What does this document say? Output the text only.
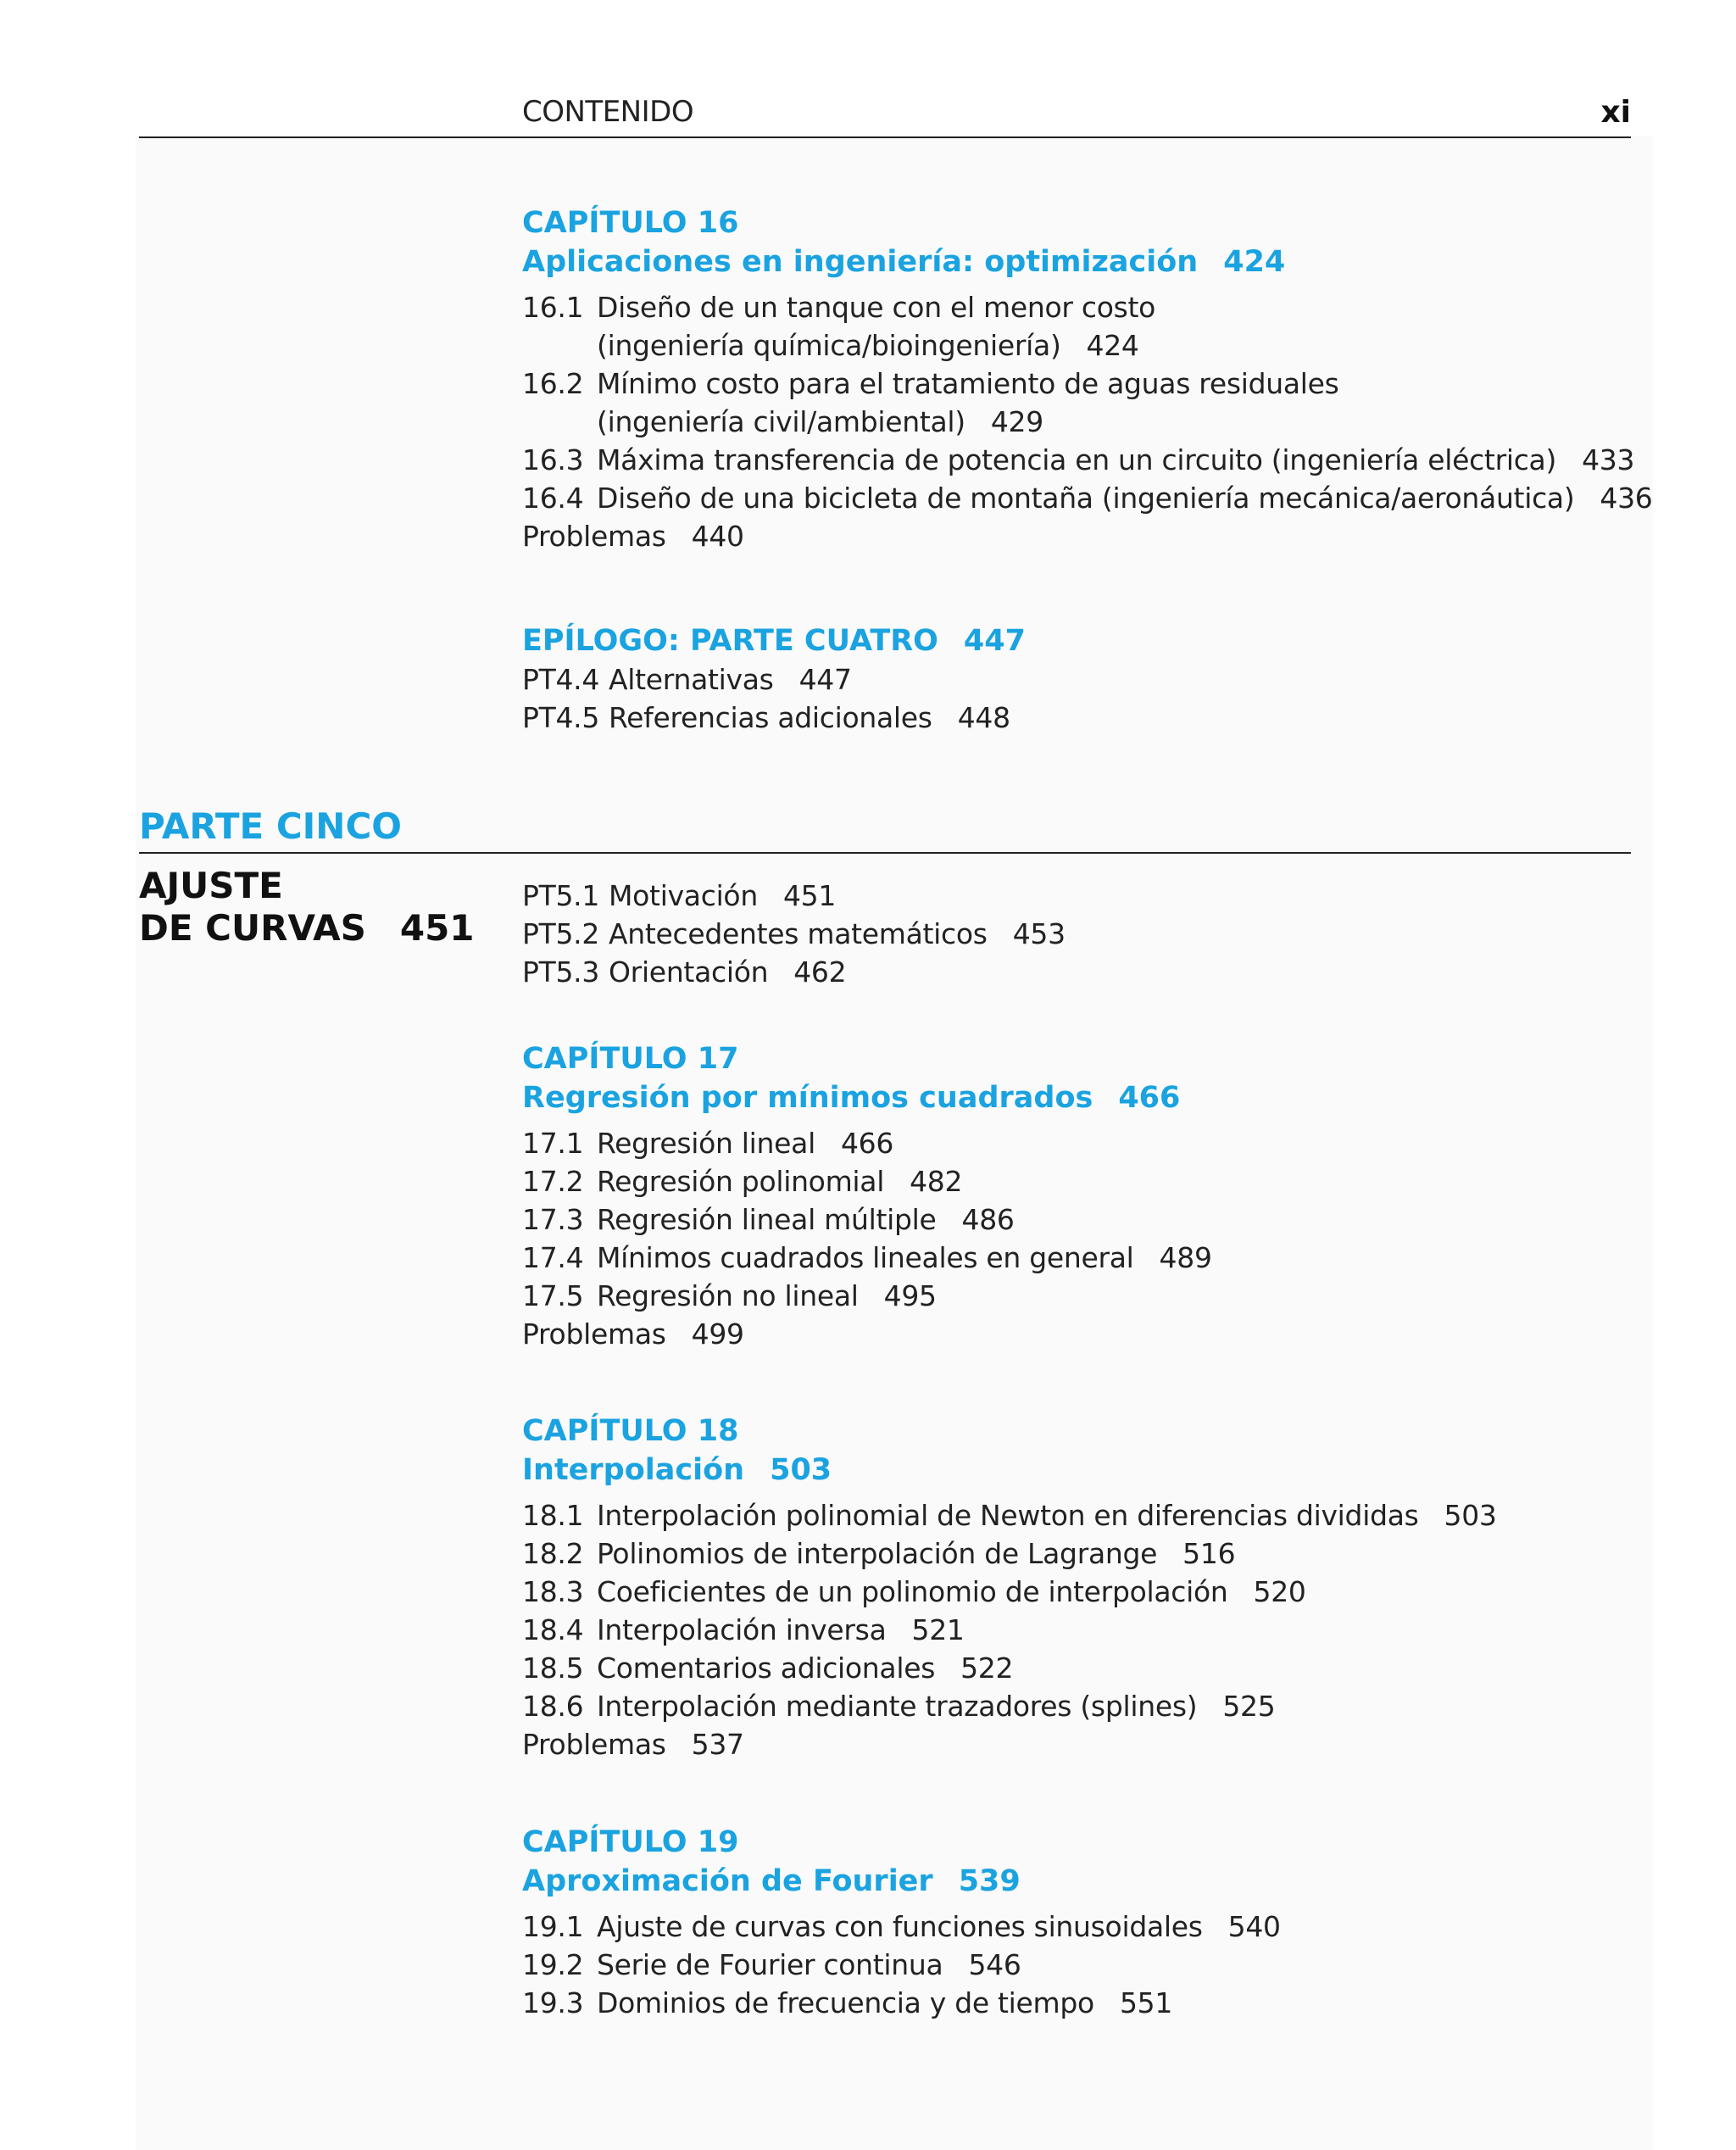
CONTENIDO	xi
CAPÍTULO 16
Aplicaciones en ingeniería: optimización 424
16.1 Diseño de un tanque con el menor costo
(ingeniería química/bioingeniería) 424
16.2 Mínimo costo para el tratamiento de aguas residuales
(ingeniería civil/ambiental) 429
16.3 Máxima transferencia de potencia en un circuito (ingeniería eléctrica) 433
16.4 Diseño de una bicicleta de montaña (ingeniería mecánica/aeronáutica) 436
Problemas 440
EPÍLOGO: PARTE CUATRO 447
PT4.4 Alternativas 447
PT4.5 Referencias adicionales 448
PARTE CINCO
AJUSTE
DE CURVAS 451
PT5.1 Motivación 451
PT5.2 Antecedentes matemáticos 453
PT5.3 Orientación 462
CAPÍTULO 17
Regresión por mínimos cuadrados 466
17.1 Regresión lineal 466
17.2 Regresión polinomial 482
17.3 Regresión lineal múltiple 486
17.4 Mínimos cuadrados lineales en general 489
17.5 Regresión no lineal 495
Problemas 499
CAPÍTULO 18
Interpolación 503
18.1 Interpolación polinomial de Newton en diferencias divididas 503
18.2 Polinomios de interpolación de Lagrange 516
18.3 Coeficientes de un polinomio de interpolación 520
18.4 Interpolación inversa 521
18.5 Comentarios adicionales 522
18.6 Interpolación mediante trazadores (splines) 525
Problemas 537
CAPÍTULO 19
Aproximación de Fourier 539
19.1 Ajuste de curvas con funciones sinusoidales 540
19.2 Serie de Fourier continua 546
19.3 Dominios de frecuencia y de tiempo 551
